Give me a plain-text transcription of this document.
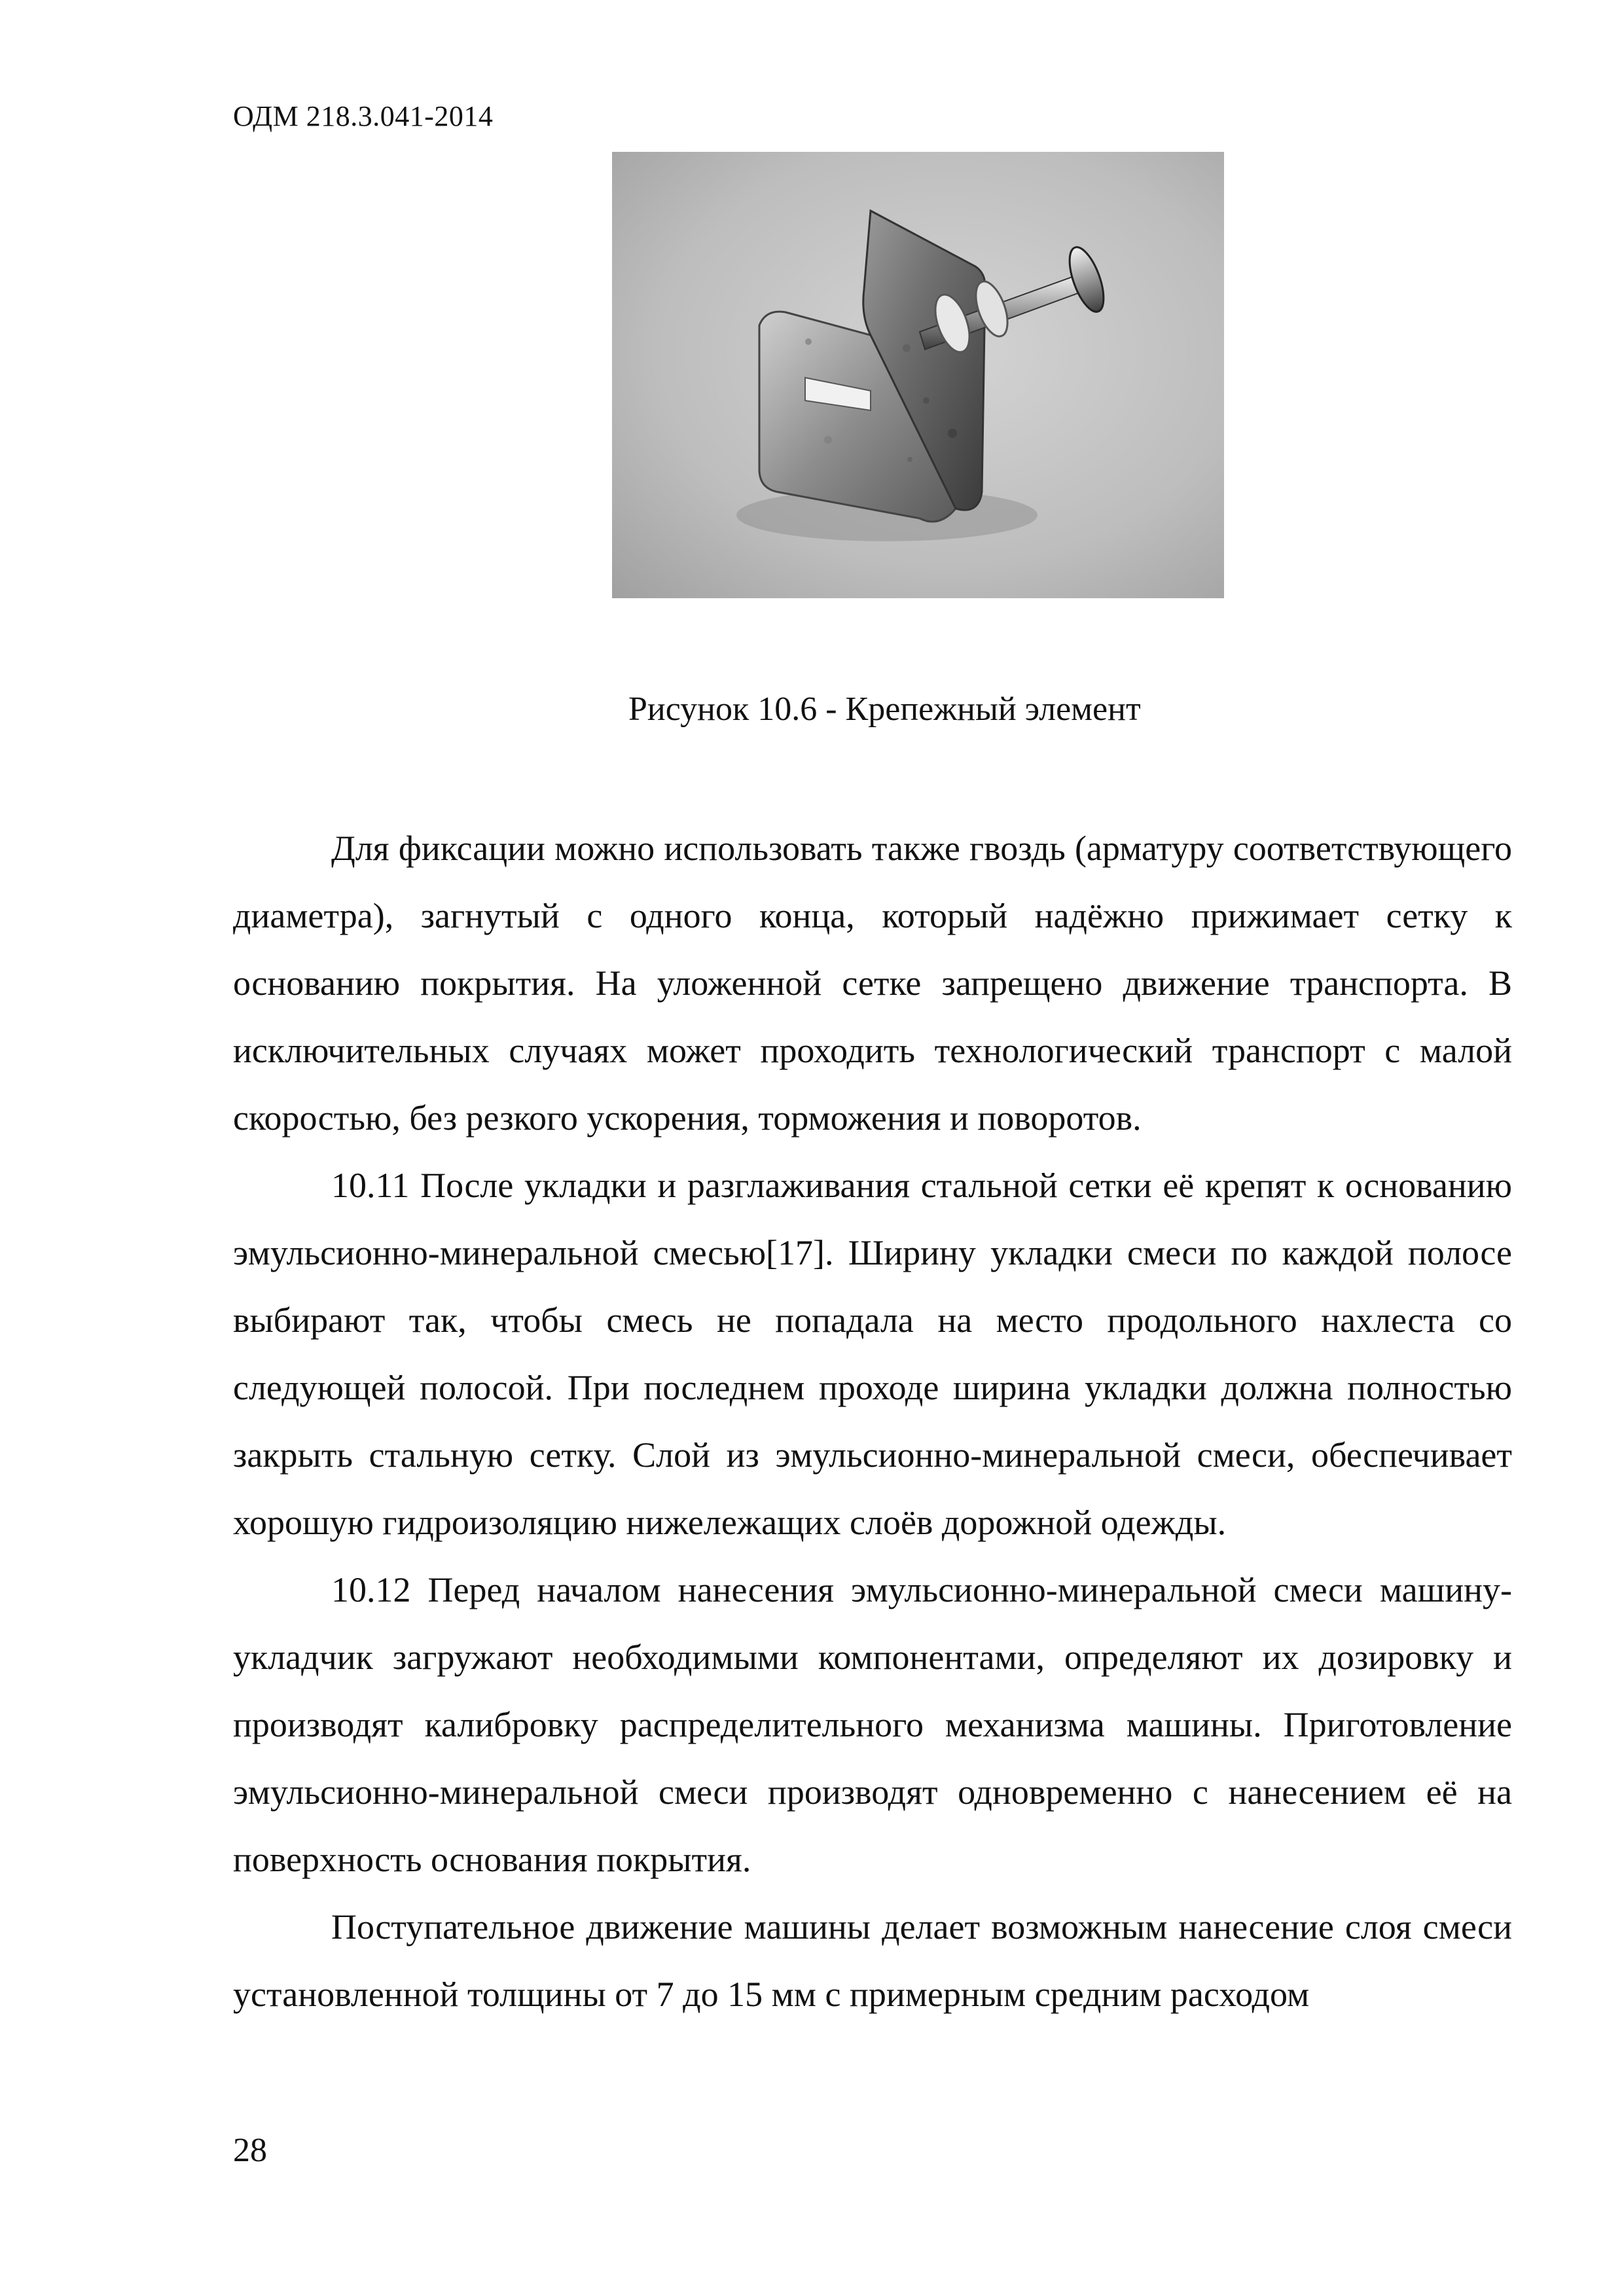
ОДМ 218.3.041-2014
Рисунок 10.6 - Крепежный элемент

Для фиксации можно использовать также гвоздь (арматуру соответствующего диаметра), загнутый с одного конца, который надёжно прижимает сетку к основанию покрытия. На уложенной сетке запрещено движение транспорта. В исключительных случаях может проходить технологический транспорт с малой скоростью, без резкого ускорения, торможения и поворотов.

10.11 После укладки и разглаживания стальной сетки её крепят к основанию эмульсионно-минеральной смесью[17]. Ширину укладки смеси по каждой полосе выбирают так, чтобы смесь не попадала на место продольного нахлеста со следующей полосой. При последнем проходе ширина укладки должна полностью закрыть стальную сетку. Слой из эмульсионно-минеральной смеси, обеспечивает хорошую гидроизоляцию нижележащих слоёв дорожной одежды.

10.12 Перед началом нанесения эмульсионно-минеральной смеси машину-укладчик загружают необходимыми компонентами, определяют их дозировку и производят калибровку распределительного механизма машины. Приготовление эмульсионно-минеральной смеси производят одновременно с нанесением её на поверхность основания покрытия.

Поступательное движение машины делает возможным нанесение слоя смеси установленной толщины от 7 до 15 мм с примерным средним расходом

28
